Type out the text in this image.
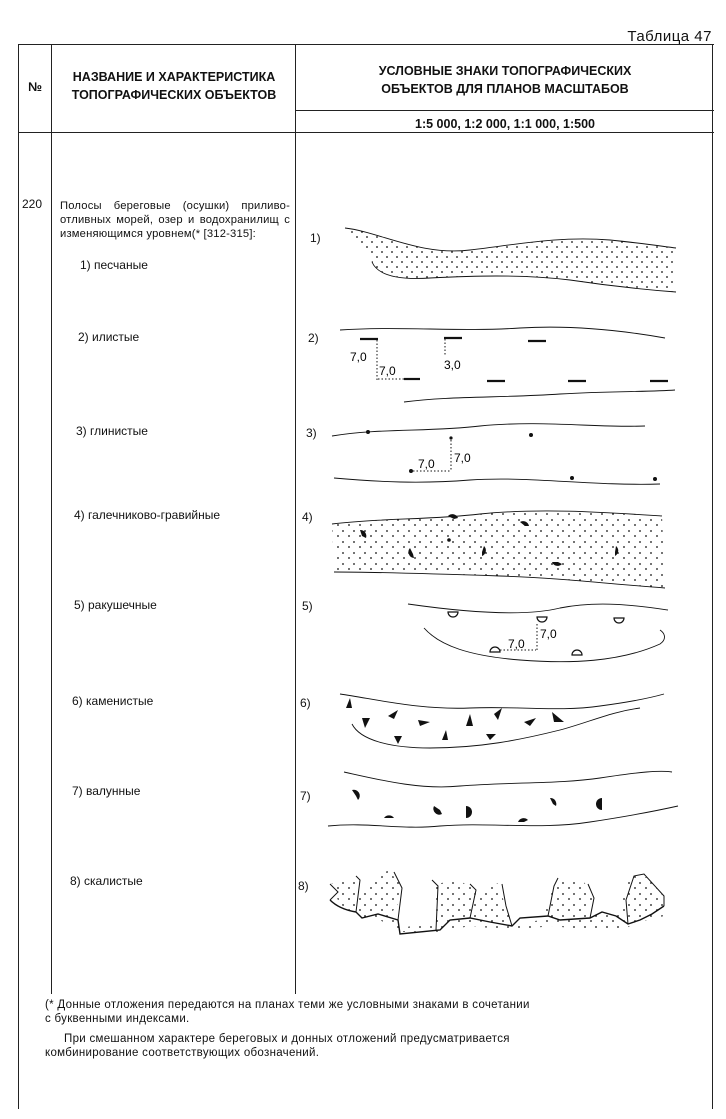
Таблица 47
№
НАЗВАНИЕ И ХАРАКТЕРИСТИКА
ТОПОГРАФИЧЕСКИХ ОБЪЕКТОВ
УСЛОВНЫЕ ЗНАКИ ТОПОГРАФИЧЕСКИХ
ОБЪЕКТОВ ДЛЯ ПЛАНОВ МАСШТАБОВ
1:5 000, 1:2 000, 1:1 000, 1:500
220 Полосы береговые (осушки) приливо-отливных морей, озер и водохранилищ с изменяющимся уровнем(* [312-315]:
1) песчаные
2) илистые
3) глинистые
4) галечниково-гравийные
5) ракушечные
6) каменистые
7) валунные
8) скалистые
1)
2)
3)
4)
5)
6)
7)
8)
7,0
7,0	3,0
7,0 7,0
7,0
7,0
(* Донные отложения передаются на планах теми же условными знаками в сочетании
с буквенными индексами.
При смешанном характере береговых и донных отложений предусматривается
комбинирование соответствующих обозначений.
